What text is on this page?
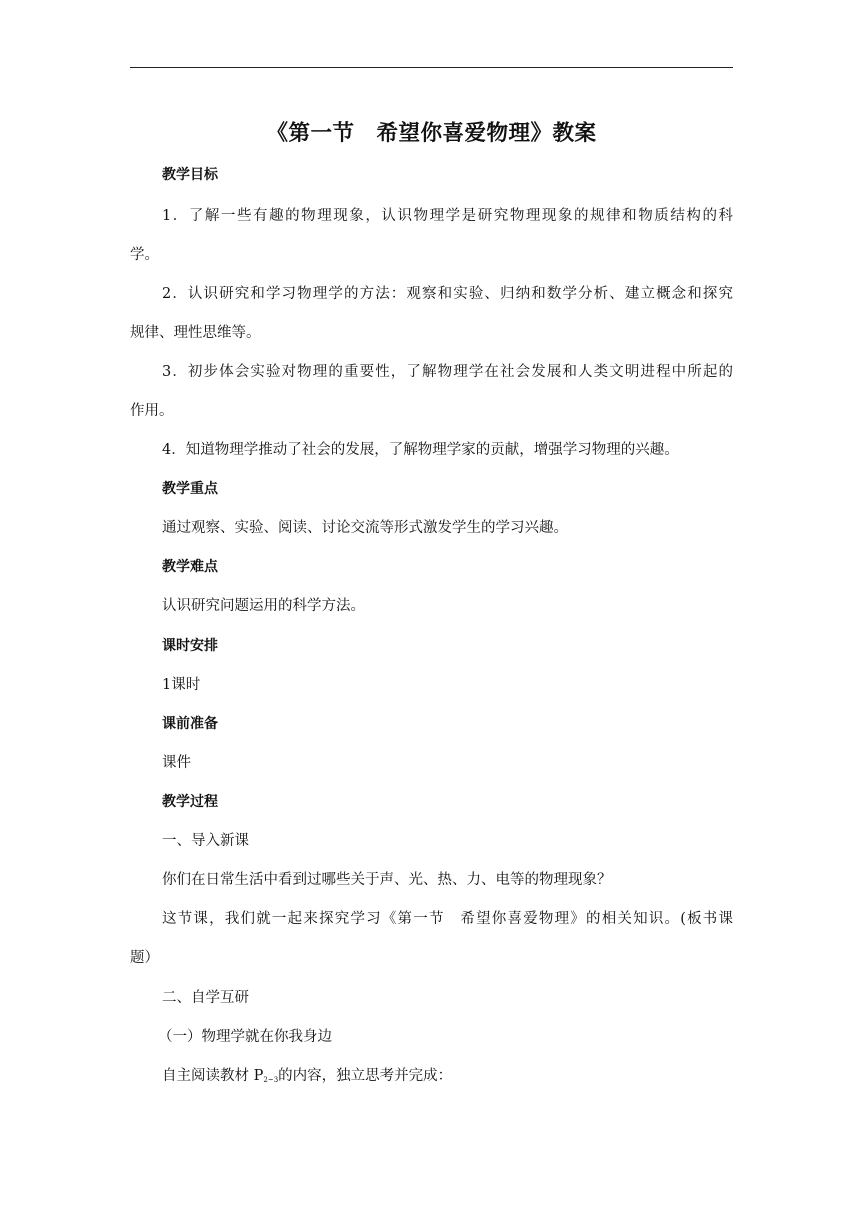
《第一节　希望你喜爱物理》教案
教学目标
1．了解一些有趣的物理现象，认识物理学是研究物理现象的规律和物质结构的科
学。
2．认识研究和学习物理学的方法：观察和实验、归纳和数学分析、建立概念和探究
规律、理性思维等。
3．初步体会实验对物理的重要性，了解物理学在社会发展和人类文明进程中所起的
作用。
4．知道物理学推动了社会的发展，了解物理学家的贡献，增强学习物理的兴趣。
教学重点
通过观察、实验、阅读、讨论交流等形式激发学生的学习兴趣。
教学难点
认识研究问题运用的科学方法。
课时安排
1课时
课前准备
课件
教学过程
一、导入新课
你们在日常生活中看到过哪些关于声、光、热、力、电等的物理现象？
这节课，我们就一起来探究学习《第一节　希望你喜爱物理》的相关知识。(板书课
题）
二、自学互研
（一）物理学就在你我身边
自主阅读教材 $P_{2\sim 3}$的内容，独立思考并完成：
